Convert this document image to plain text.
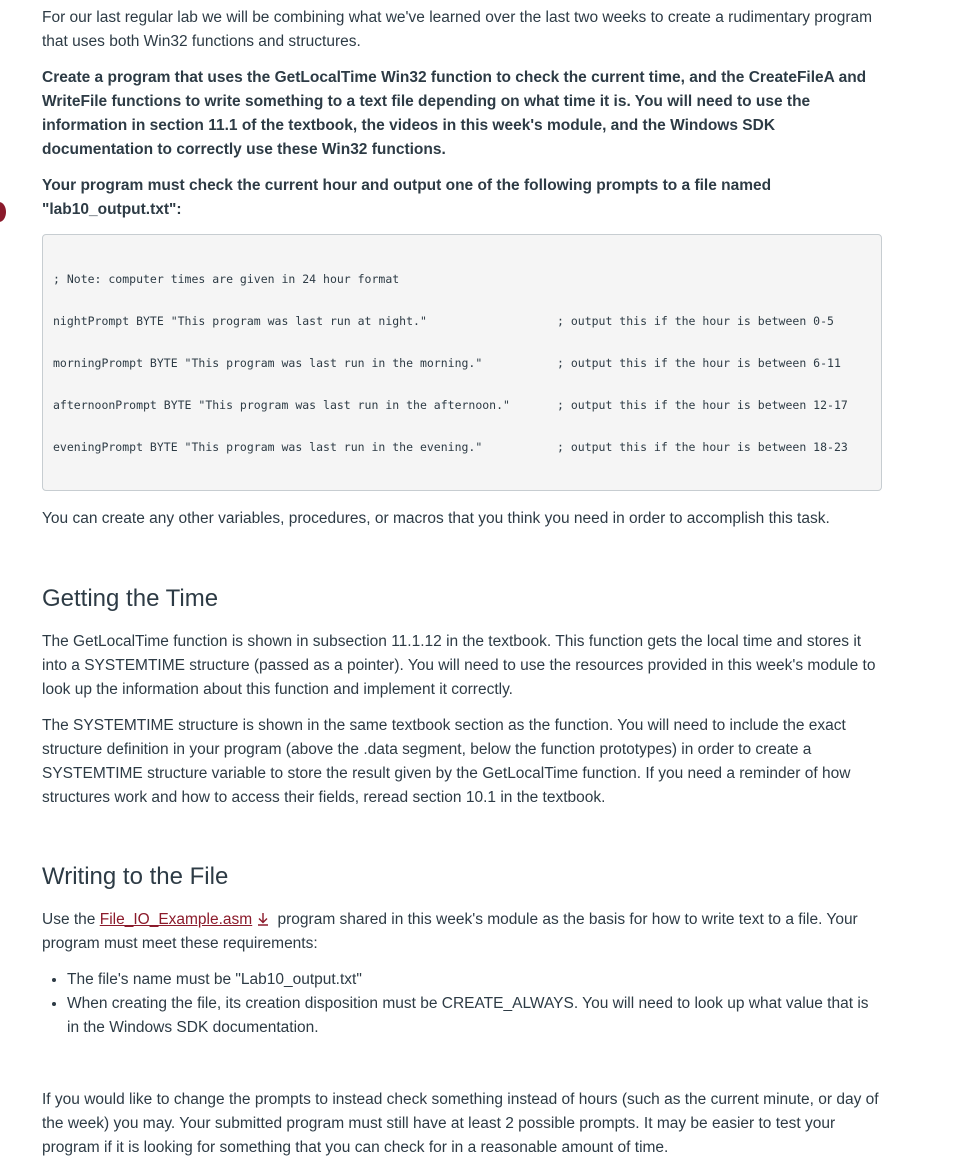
For our last regular lab we will be combining what we've learned over the last two weeks to create a rudimentary program that uses both Win32 functions and structures.

Create a program that uses the GetLocalTime Win32 function to check the current time, and the CreateFileA and WriteFile functions to write something to a text file depending on what time it is. You will need to use the information in section 11.1 of the textbook, the videos in this week's module, and the Windows SDK documentation to correctly use these Win32 functions.

Your program must check the current hour and output one of the following prompts to a file named "lab10_output.txt":

; Note: computer times are given in 24 hour format

nightPrompt BYTE "This program was last run at night."

morningPrompt BYTE "This program was last run in the morning."

afternoonPrompt BYTE "This program was last run in the afternoon."

eveningPrompt BYTE "This program was last run in the evening."

; output this if the hour is between 0-5

; output this if the hour is between 6-11

; output this if the hour is between 12-17

; output this if the hour is between 18-23

You can create any other variables, procedures, or macros that you think you need in order to accomplish this task.

Getting the Time

The GetLocalTime function is shown in subsection 11.1.12 in the textbook. This function gets the local time and stores it into a SYSTEMTIME structure (passed as a pointer). You will need to use the resources provided in this week's module to look up the information about this function and implement it correctly.

The SYSTEMTIME structure is shown in the same textbook section as the function. You will need to include the exact structure definition in your program (above the .data segment, below the function prototypes) in order to create a SYSTEMTIME structure variable to store the result given by the GetLocalTime function. If you need a reminder of how structures work and how to access their fields, reread section 10.1 in the textbook.

Writing to the File

Use the File_IO_Example.asm program shared in this week's module as the basis for how to write text to a file. Your program must meet these requirements:

• The file's name must be "Lab10_output.txt"
• When creating the file, its creation disposition must be CREATE_ALWAYS. You will need to look up what value that is in the Windows SDK documentation.

If you would like to change the prompts to instead check something instead of hours (such as the current minute, or day of the week) you may. Your submitted program must still have at least 2 possible prompts. It may be easier to test your program if it is looking for something that you can check for in a reasonable amount of time.
